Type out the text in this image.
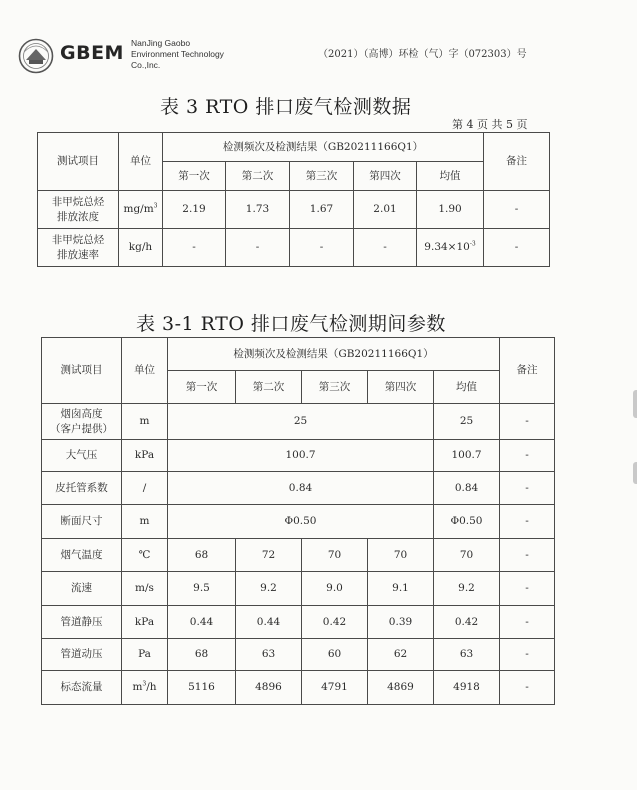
GBEM NanJing Gaobo
Environment Technology
Co.,Inc.
（2021）（高博）环检（气）字（072303）号
表 3 RTO 排口废气检测数据
第 4 页 共 5 页
测试项目	单位	检测频次及检测结果（GB20211166Q1）					备注
		第一次	第二次	第三次	第四次	均值	
非甲烷总烃
排放浓度	$mg/m^3$	2.19	1.73	1.67	2.01	1.90	-
非甲烷总烃
排放速率	kg/h	-	-	-	-	$9.34\times 10^{-3}$	-
表 3-1 RTO 排口废气检测期间参数
测试项目	单位	检测频次及检测结果（GB20211166Q1）					备注
		第一次	第二次	第三次	第四次	均值	
烟囱高度
（客户提供）	m	25				25	-
大气压	kPa	100.7				100.7	-
皮托管系数	/	0.84				0.84	-
断面尺寸	m	Φ0.50				Φ0.50	-
烟气温度	℃	68	72	70	70	70	-
流速	m/s	9.5	9.2	9.0	9.1	9.2	-
管道静压	kPa	0.44	0.44	0.42	0.39	0.42	-
管道动压	Pa	68	63	60	62	63	-
标态流量	$m^3/h$	5116	4896	4791	4869	4918	-
